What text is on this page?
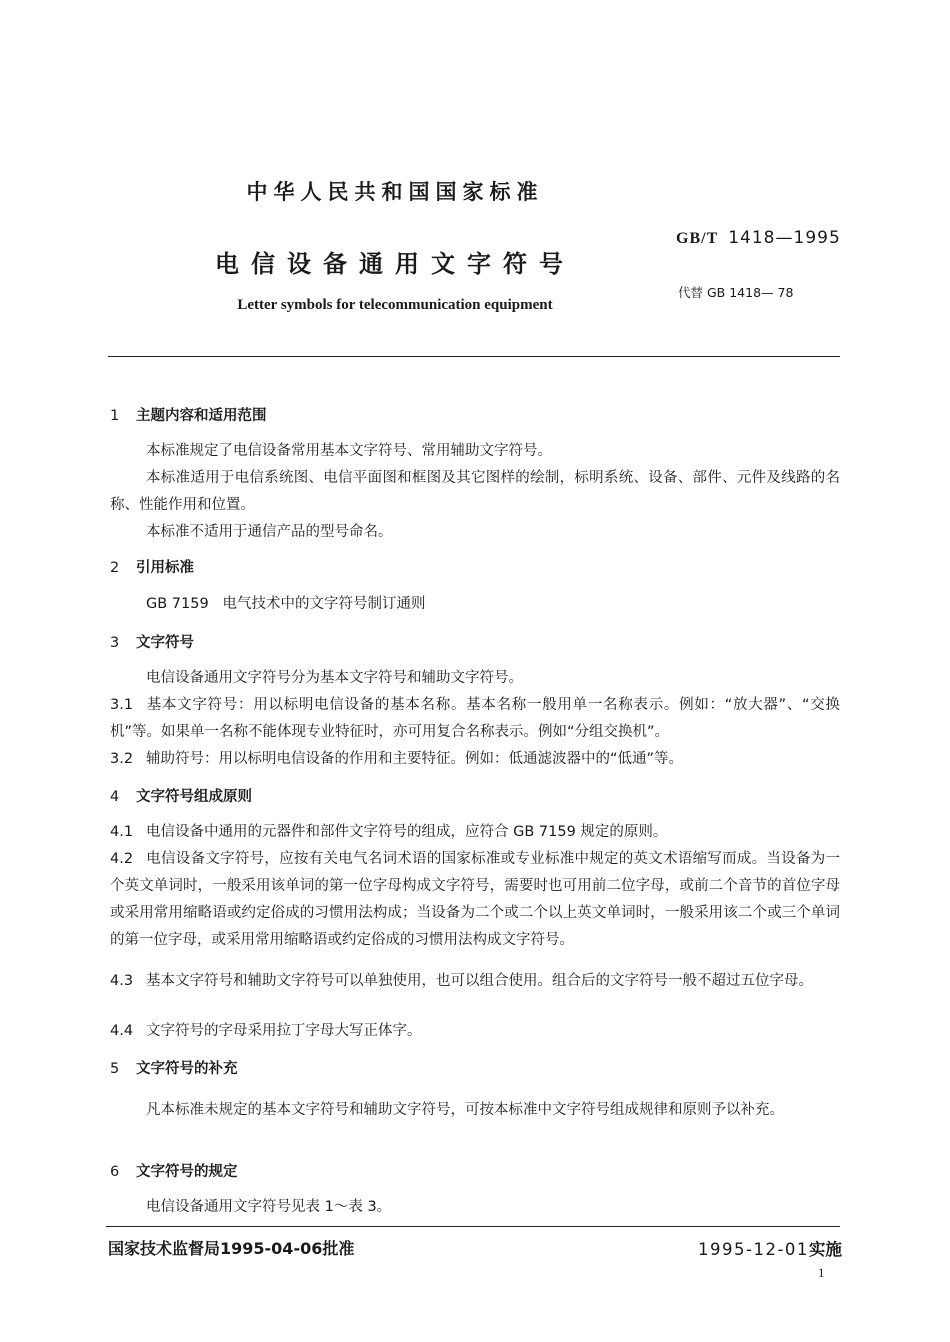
中华人民共和国国家标准
GB/T 1418—1995
电信设备通用文字符号
代替 GB 1418— 78
Letter symbols for telecommunication equipment
1 主题内容和适用范围
本标准规定了电信设备常用基本文字符号、常用辅助文字符号。
本标准适用于电信系统图、电信平面图和框图及其它图样的绘制，标明系统、设备、部件、元件及线路的名称、性能作用和位置。
本标准不适用于通信产品的型号命名。
2 引用标准
GB 7159 电气技术中的文字符号制订通则
3 文字符号
电信设备通用文字符号分为基本文字符号和辅助文字符号。
3.1 基本文字符号：用以标明电信设备的基本名称。基本名称一般用单一名称表示。例如：“放大器”、“交换机”等。如果单一名称不能体现专业特征时，亦可用复合名称表示。例如“分组交换机”。
3.2 辅助符号：用以标明电信设备的作用和主要特征。例如：低通滤波器中的“低通”等。
4 文字符号组成原则
4.1 电信设备中通用的元器件和部件文字符号的组成，应符合 GB 7159 规定的原则。
4.2 电信设备文字符号，应按有关电气名词术语的国家标准或专业标准中规定的英文术语缩写而成。当设备为一个英文单词时，一般采用该单词的第一位字母构成文字符号，需要时也可用前二位字母，或前二个音节的首位字母或采用常用缩略语或约定俗成的习惯用法构成；当设备为二个或二个以上英文单词时，一般采用该二个或三个单词的第一位字母，或采用常用缩略语或约定俗成的习惯用法构成文字符号。
4.3 基本文字符号和辅助文字符号可以单独使用，也可以组合使用。组合后的文字符号一般不超过五位字母。
4.4 文字符号的字母采用拉丁字母大写正体字。
5 文字符号的补充
凡本标准未规定的基本文字符号和辅助文字符号，可按本标准中文字符号组成规律和原则予以补充。
6 文字符号的规定
电信设备通用文字符号见表 1～表 3。
国家技术监督局1995-04-06批准	1995-12-01实施
1
